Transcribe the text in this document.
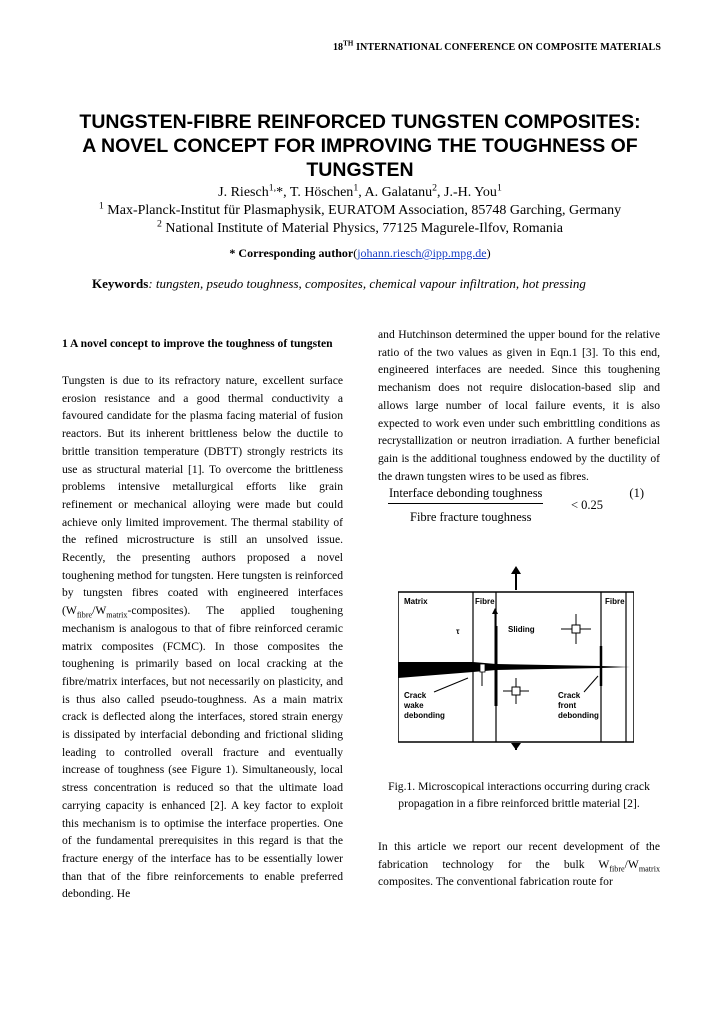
18TH INTERNATIONAL CONFERENCE ON COMPOSITE MATERIALS
TUNGSTEN-FIBRE REINFORCED TUNGSTEN COMPOSITES:
A NOVEL CONCEPT FOR IMPROVING THE TOUGHNESS OF
TUNGSTEN
J. Riesch$^{1,}$*, T. Höschen$^1$, A. Galatanu$^2$, J.-H. You$^1$
$^1$ Max-Planck-Institut für Plasmaphysik, EURATOM Association, 85748 Garching, Germany
$^2$ National Institute of Material Physics, 77125 Magurele-Ilfov, Romania
* Corresponding author(johann.riesch@ipp.mpg.de)
Keywords: tungsten, pseudo toughness, composites, chemical vapour infiltration, hot pressing
1 A novel concept to improve the toughness of tungsten

Tungsten is due to its refractory nature, excellent surface erosion resistance and a good thermal conductivity a favoured candidate for the plasma facing material of fusion reactors. But its inherent brittleness below the ductile to brittle transition temperature (DBTT) strongly restricts its use as structural material [1]. To overcome the brittleness problems intensive metallurgical efforts like grain refinement or mechanical alloying were made but could achieve only limited improvement. The thermal stability of the refined microstructure is still an unsolved issue. Recently, the presenting authors proposed a novel toughening method for tungsten. Here tungsten is reinforced by tungsten fibres coated with engineered interfaces $(W_{fibre}/W_{matrix}-composites)$. The applied toughening mechanism is analogous to that of fibre reinforced ceramic matrix composites (FCMC). In those composites the toughening is primarily based on local cracking at the fibre/matrix interfaces, but not necessarily on plasticity, and is thus also called pseudo-toughness. As a main matrix crack is deflected along the interfaces, stored strain energy is dissipated by interfacial debonding and frictional sliding leading to controlled overall fracture and eventually increase of toughness (see Figure 1). Simultaneously, local stress concentration is reduced so that the ultimate load carrying capacity is enhanced [2]. A key factor to exploit this mechanism is to optimise the interface properties. One of the fundamental prerequisites in this regard is that the fracture energy of the interface has to be essentially lower than that of the fibre reinforcements to enable preferred debonding. He

and Hutchinson determined the upper bound for the relative ratio of the two values as given in Eqn.1 [3]. To this end, engineered interfaces are needed. Since this toughening mechanism does not require dislocation-based slip and allows large number of local failure events, it is also expected to work even under such embrittling conditions as recrystallization or neutron irradiation. A further beneficial gain is the additional toughness endowed by the ductility of the drawn tungsten wires to be used as fibres.

Interface debonding toughness
Fibre fracture toughness
< 0.25
(1)
Matrix	Fibre	Fibre
τ	Sliding
Crack
wake
debonding
Crack
front
debonding
Fig.1. Microscopical interactions occurring during crack propagation in a fibre reinforced brittle material [2].

In this article we report our recent development of the fabrication technology for the bulk $W_{fibre}/W_{matrix}$ composites. The conventional fabrication route for
